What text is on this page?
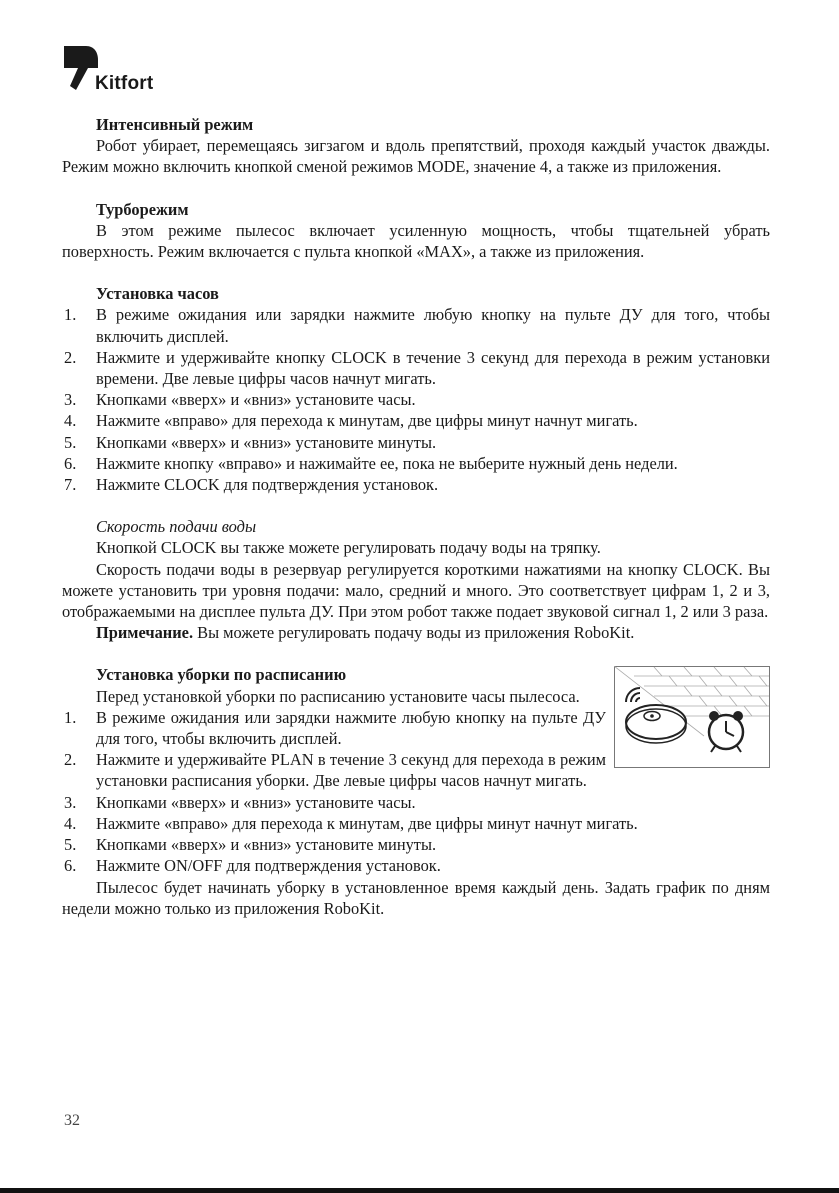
Kitfort

Интенсивный режим

Робот убирает, перемещаясь зигзагом и вдоль препятствий, проходя каждый участок дважды. Режим можно включить кнопкой сменой режимов MODE, значение 4, а также из приложения.

Турборежим

В этом режиме пылесос включает усиленную мощность, чтобы тщательней убрать поверхность. Режим включается с пульта кнопкой «MAX», а также из приложения.

Установка часов

1. В режиме ожидания или зарядки нажмите любую кнопку на пульте ДУ для того, чтобы включить дисплей.

2. Нажмите и удерживайте кнопку CLOCK в течение 3 секунд для перехода в режим установки времени. Две левые цифры часов начнут мигать.

3. Кнопками «вверх» и «вниз» установите часы.

4. Нажмите «вправо» для перехода к минутам, две цифры минут начнут мигать.

5. Кнопками «вверх» и «вниз» установите минуты.

6. Нажмите кнопку «вправо» и нажимайте ее, пока не выберите нужный день недели.

7. Нажмите CLOCK для подтверждения установок.

Скорость подачи воды

Кнопкой CLOCK вы также можете регулировать подачу воды на тряпку.

Скорость подачи воды в резервуар регулируется короткими нажатиями на кнопку CLOCK. Вы можете установить три уровня подачи: мало, средний и много. Это соответствует цифрам 1, 2 и 3, отображаемыми на дисплее пульта ДУ. При этом робот также подает звуковой сигнал 1, 2 или 3 раза.

Примечание. Вы можете регулировать подачу воды из приложения RoboKit.

Установка уборки по расписанию

Перед установкой уборки по расписанию установите часы пылесоса.

1. В режиме ожидания или зарядки нажмите любую кнопку на пульте ДУ для того, чтобы включить дисплей.

2. Нажмите и удерживайте PLAN в течение 3 секунд для перехода в режим установки расписания уборки. Две левые цифры часов начнут мигать.

3. Кнопками «вверх» и «вниз» установите часы.

4. Нажмите «вправо» для перехода к минутам, две цифры минут начнут мигать.

5. Кнопками «вверх» и «вниз» установите минуты.

6. Нажмите ON/OFF для подтверждения установок.

Пылесос будет начинать уборку в установленное время каждый день. Задать график по дням недели можно только из приложения RoboKit.

32
